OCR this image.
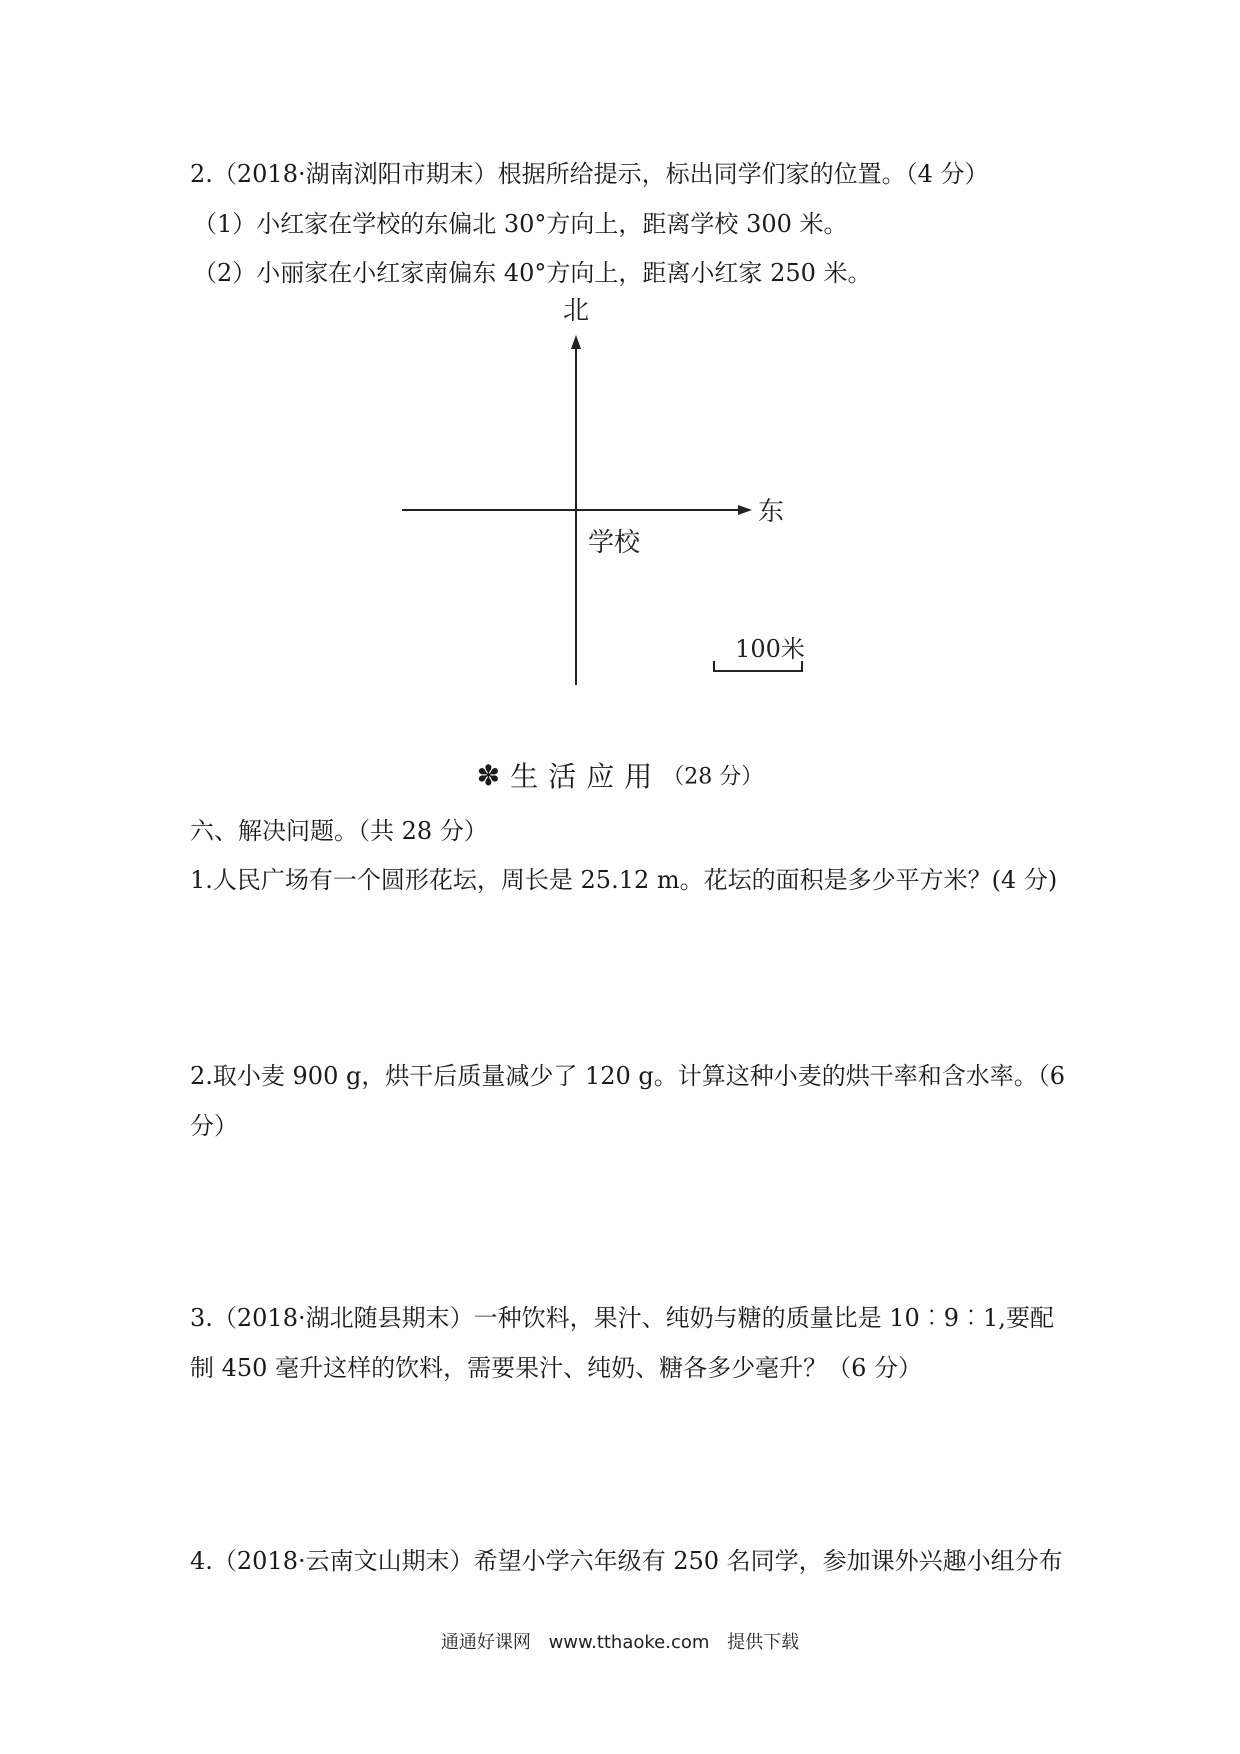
2.（2018·湖南浏阳市期末）根据所给提示，标出同学们家的位置。（4 分）
（1）小红家在学校的东偏北 30°方向上，距离学校 300 米。
（2）小丽家在小红家南偏东 40°方向上，距离小红家 250 米。
北
东
学校
100米
✽ 生活应用（28 分）
六、解决问题。（共 28 分）
1.人民广场有一个圆形花坛，周长是 25.12 m。花坛的面积是多少平方米？(4 分)
2.取小麦 900 g，烘干后质量减少了 120 g。计算这种小麦的烘干率和含水率。（6
分）
3.（2018·湖北随县期末）一种饮料，果汁、纯奶与糖的质量比是 10︰9︰1,要配
制 450 毫升这样的饮料，需要果汁、纯奶、糖各多少毫升？（6 分）
4.（2018·云南文山期末）希望小学六年级有 250 名同学，参加课外兴趣小组分布
通通好课网 www.tthaoke.com 提供下载
